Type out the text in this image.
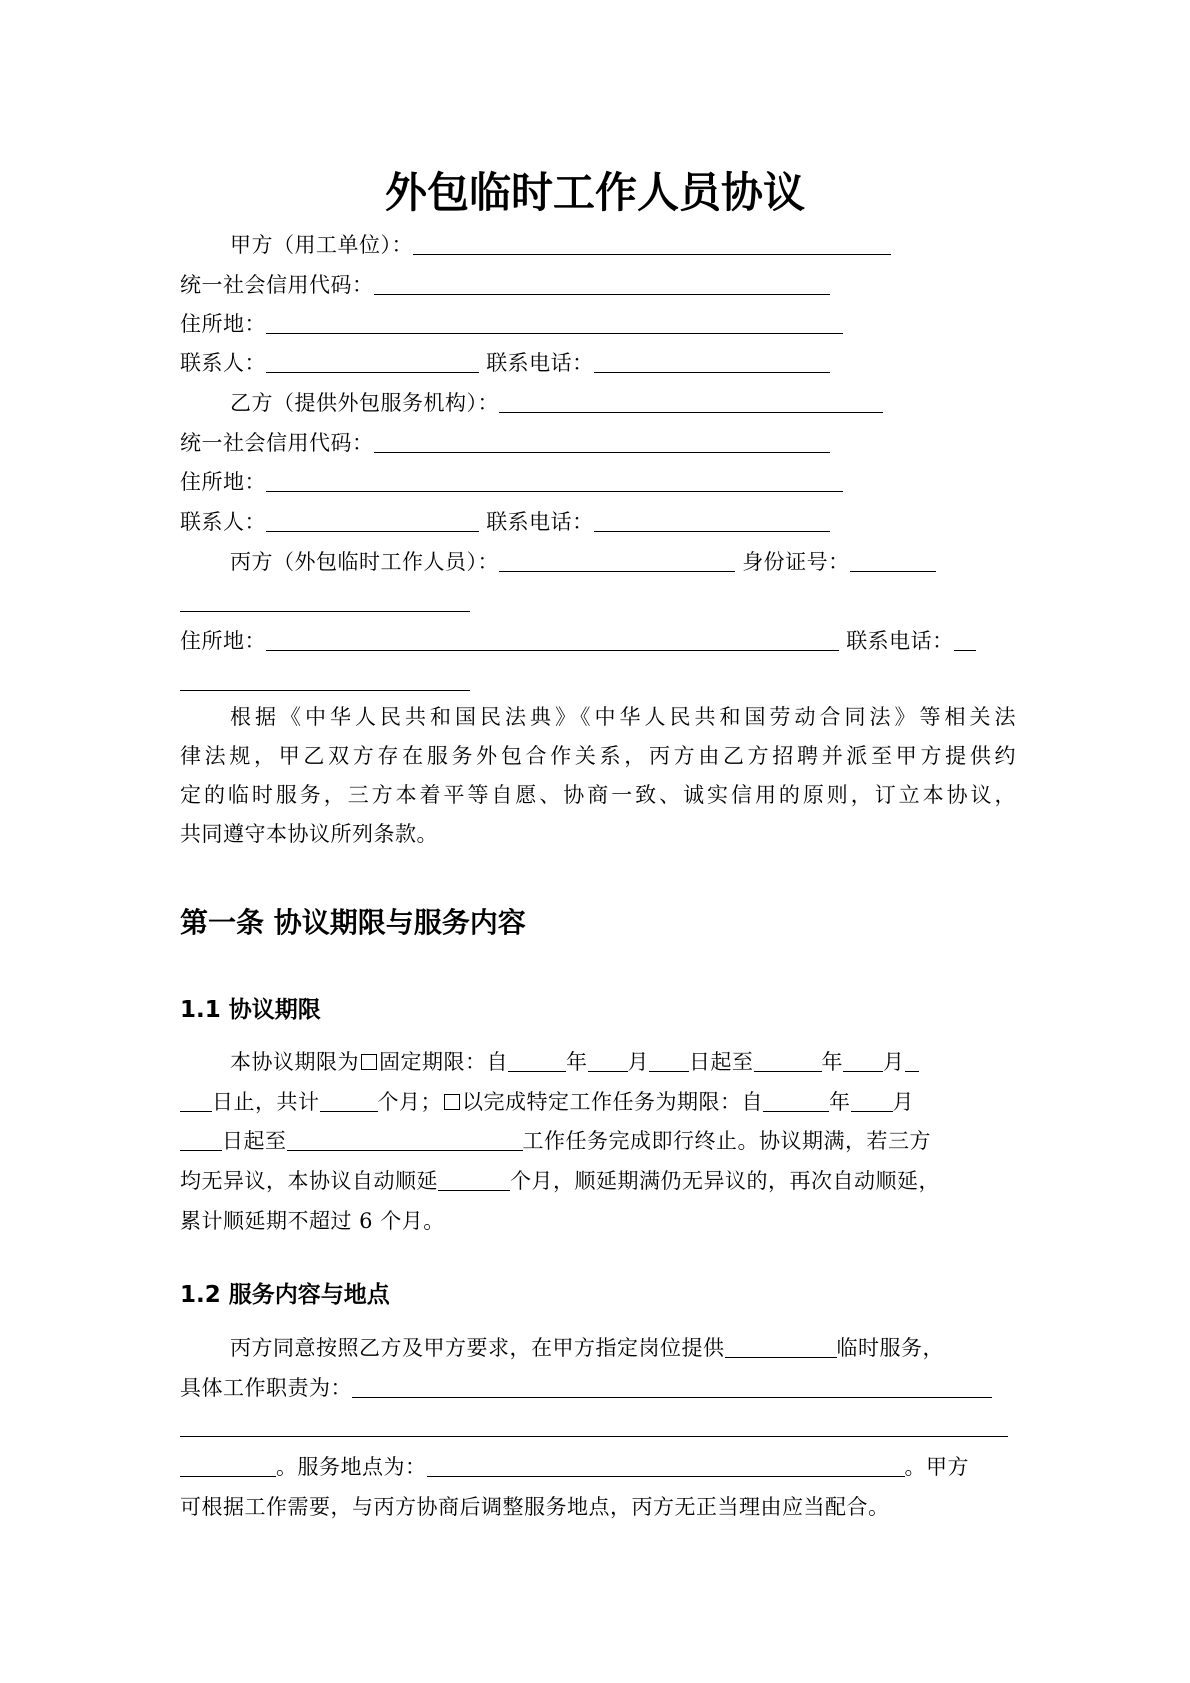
外包临时工作人员协议
甲方（用工单位）：
统一社会信用代码：
住所地：
联系人：	联系电话：
乙方（提供外包服务机构）：
统一社会信用代码：
住所地：
联系人：	联系电话：
丙方（外包临时工作人员）：	身份证号：
住所地：	联系电话：
根据《中华人民共和国民法典》《中华人民共和国劳动合同法》等相关法
律法规，甲乙双方存在服务外包合作关系，丙方由乙方招聘并派至甲方提供约
定的临时服务，三方本着平等自愿、协商一致、诚实信用的原则，订立本协议，
共同遵守本协议所列条款。
第一条 协议期限与服务内容
1.1 协议期限
本协议期限为 固定期限：自	年 月 日起至	年 月
日止，共计	个月； 以完成特定工作任务为期限：自	年 月
日起至	工作任务完成即行终止。协议期满，若三方
均无异议，本协议自动顺延	个月，顺延期满仍无异议的，再次自动顺延，
累计顺延期不超过 6 个月。
1.2 服务内容与地点
丙方同意按照乙方及甲方要求，在甲方指定岗位提供	临时服务，
具体工作职责为：
。服务地点为：	。甲方
可根据工作需要，与丙方协商后调整服务地点，丙方无正当理由应当配合。
